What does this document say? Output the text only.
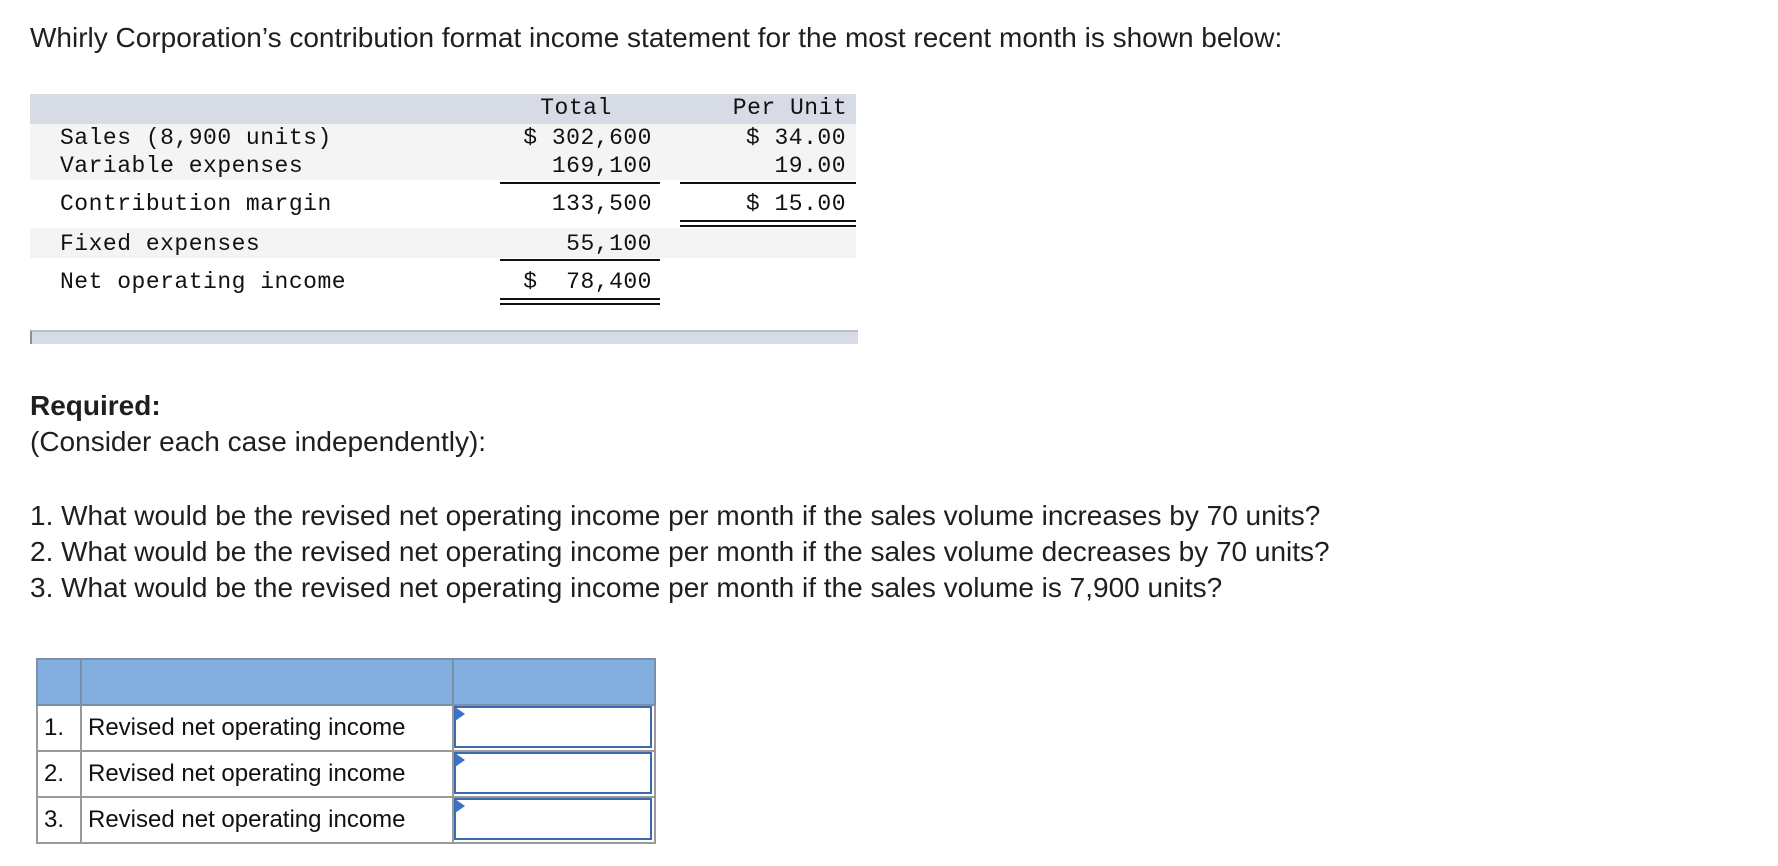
Whirly Corporation’s contribution format income statement for the most recent month is shown below:
Total	Per Unit
Sales (8,900 units)	$ 302,600	$ 34.00
Variable expenses	169,100	19.00
Contribution margin	133,500	$ 15.00
Fixed expenses	55,100
Net operating income	$  78,400
Required:
(Consider each case independently):
1. What would be the revised net operating income per month if the sales volume increases by 70 units?
2. What would be the revised net operating income per month if the sales volume decreases by 70 units?
3. What would be the revised net operating income per month if the sales volume is 7,900 units?

1.	Revised net operating income	

2.	Revised net operating income	

3.	Revised net operating income	
